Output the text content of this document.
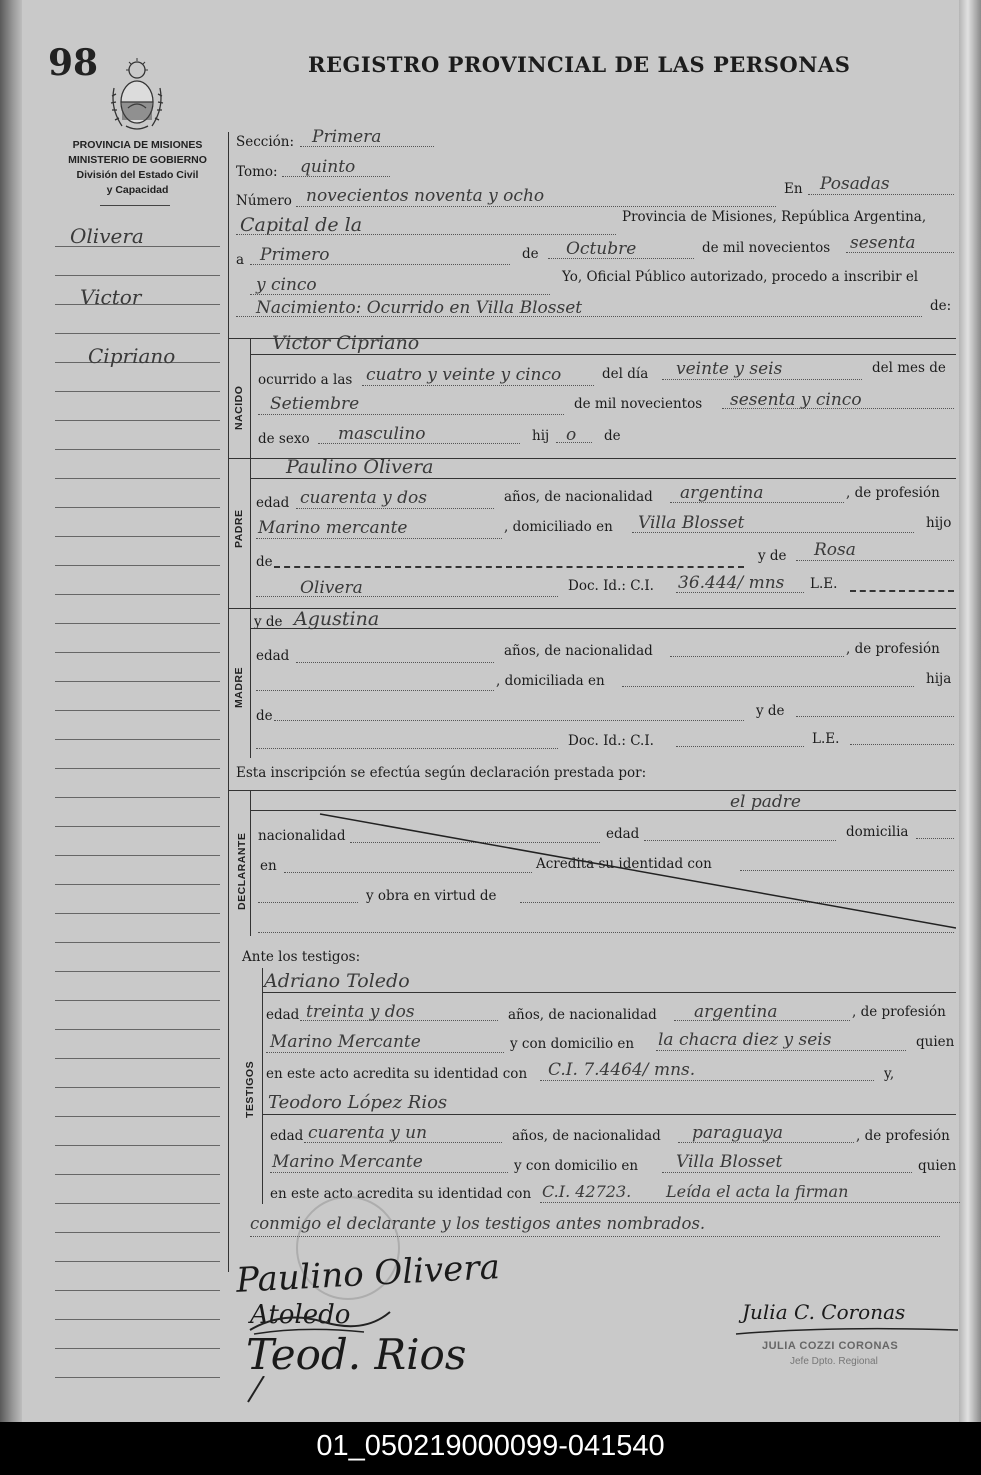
98	REGISTRO PROVINCIAL DE LAS PERSONAS
PROVINCIA DE MISIONES
MINISTERIO DE GOBIERNO
División del Estado Civil
y Capacidad
Olivera
Victor
Cipriano
Sección: Primera
Tomo: quinto
Número novecientos noventa y ocho	En Posadas
Capital de la	Provincia de Misiones, República Argentina,
a Primero	de Octubre	de mil novecientos sesenta
y cinco	Yo, Oficial Público autorizado, procedo a inscribir el
Nacimiento: Ocurrido en Villa Blosset	de:
NACIDO
Victor Cipriano
ocurrido a las cuatro y veinte y cinco	del día veinte y seis	del mes de
Setiembre	de mil novecientos sesenta y cinco
de sexo masculino	hij o de
PADRE
Paulino Olivera
edad cuarenta y dos	años, de nacionalidad argentina	, de profesión
Marino mercante	, domiciliado en Villa Blosset	hijo
de	y de Rosa
Olivera	Doc. Id.: C.I. 36.444/ mns L.E.
MADRE
y de Agustina
edad	años, de nacionalidad	, de profesión
, domiciliada en	hija
de	y de
Doc. Id.: C.I.	L.E.
Esta inscripción se efectúa según declaración prestada por:
DECLARANTE
el padre
nacionalidad	edad	domicilia
en	Acredita su identidad con
y obra en virtud de
Ante los testigos:
TESTIGOS
Adriano Toledo
edad treinta y dos	años, de nacionalidad argentina	, de profesión
Marino Mercante	y con domicilio en la chacra diez y seis	quien
en este acto acredita su identidad con C.I. 7.4464/ mns.	y,
Teodoro López Rios
edad cuarenta y un	años, de nacionalidad paraguaya	, de profesión
Marino Mercante	y con domicilio en Villa Blosset	quien
en este acto acredita su identidad con C.I. 42723. Leída el acta la firman
conmigo el declarante y los testigos antes nombrados.
Paulino Olivera
Atoledo
Teod. Rios
Julia C. Coronas
JULIA COZZI CORONAS
Jefe Dpto. Regional
01_050219000099-041540
